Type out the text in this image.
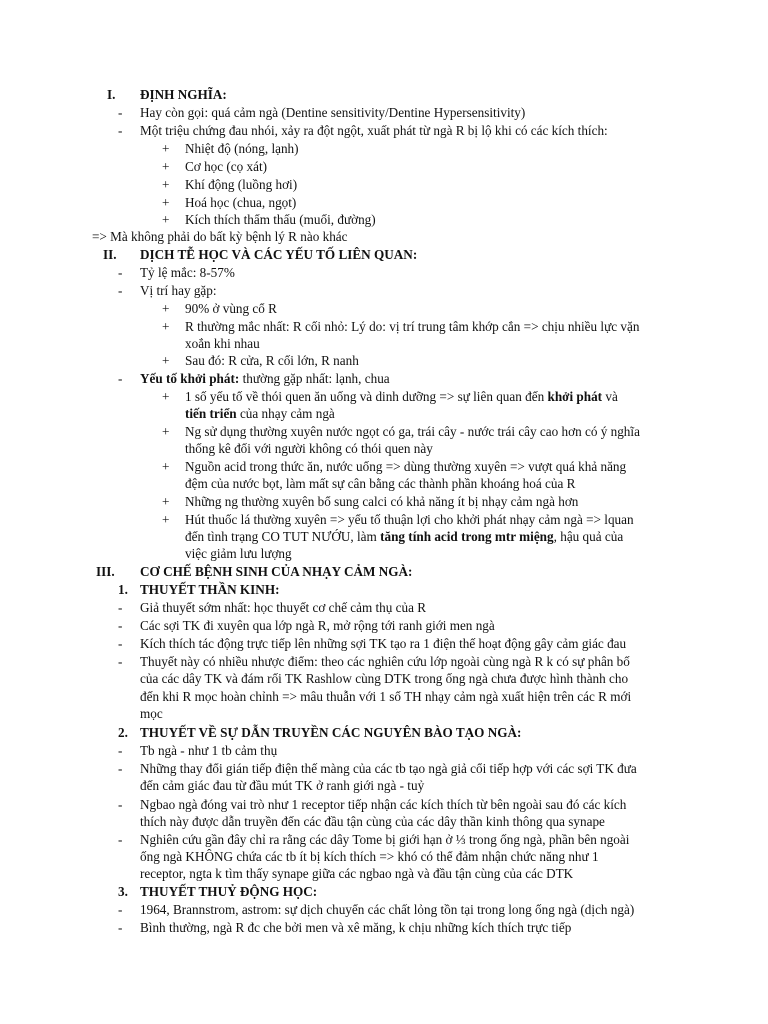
I. ĐỊNH NGHĨA:
- Hay còn gọi: quá cảm ngà (Dentine sensitivity/Dentine Hypersensitivity)
- Một triệu chứng đau nhói, xảy ra đột ngột, xuất phát từ ngà R bị lộ khi có các kích thích:
+ Nhiệt độ (nóng, lạnh)
+ Cơ học (cọ xát)
+ Khí động (luồng hơi)
+ Hoá học (chua, ngọt)
+ Kích thích thẩm thấu (muối, đường)
=> Mà không phải do bất kỳ bệnh lý R nào khác
II. DỊCH TỄ HỌC VÀ CÁC YẾU TỐ LIÊN QUAN:
- Tỷ lệ mắc: 8-57%
- Vị trí hay gặp:
+ 90% ở vùng cổ R
+ R thường mắc nhất: R cối nhỏ: Lý do: vị trí trung tâm khớp cắn => chịu nhiều lực vặn
xoắn khi nhau
+ Sau đó: R cửa, R cối lớn, R nanh
- Yếu tố khởi phát: thường gặp nhất: lạnh, chua
+ 1 số yếu tố về thói quen ăn uống và dinh dưỡng => sự liên quan đến khởi phát và
tiến triển của nhạy cảm ngà
+ Ng sử dụng thường xuyên nước ngọt có ga, trái cây - nước trái cây cao hơn có ý nghĩa
thống kê đối với người không có thói quen này
+ Nguồn acid trong thức ăn, nước uống => dùng thường xuyên => vượt quá khả năng
đệm của nước bọt, làm mất sự cân bằng các thành phần khoáng hoá của R
+ Những ng thường xuyên bổ sung calci có khả năng ít bị nhạy cảm ngà hơn
+ Hút thuốc lá thường xuyên => yếu tố thuận lợi cho khởi phát nhạy cảm ngà => lquan
đến tình trạng CO TUT NƯỚU, làm tăng tính acid trong mtr miệng, hậu quả của
việc giảm lưu lượng
III. CƠ CHẾ BỆNH SINH CỦA NHẠY CẢM NGÀ:
1. THUYẾT THẦN KINH:
- Giả thuyết sớm nhất: học thuyết cơ chế cảm thụ của R
- Các sợi TK đi xuyên qua lớp ngà R, mở rộng tới ranh giới men ngà
- Kích thích tác động trực tiếp lên những sợi TK tạo ra 1 điện thế hoạt động gây cảm giác đau
- Thuyết này có nhiều nhược điểm: theo các nghiên cứu lớp ngoài cùng ngà R k có sự phân bố
của các dây TK và đám rối TK Rashlow cùng DTK trong ống ngà chưa được hình thành cho
đến khi R mọc hoàn chỉnh => mâu thuẫn với 1 số TH nhạy cảm ngà xuất hiện trên các R mới
mọc
2. THUYẾT VỀ SỰ DẪN TRUYỀN CÁC NGUYÊN BÀO TẠO NGÀ:
- Tb ngà - như 1 tb cảm thụ
- Những thay đổi gián tiếp điện thế màng của các tb tạo ngà giả cổi tiếp hợp với các sợi TK đưa
đến cảm giác đau từ đầu mút TK ở ranh giới ngà - tuỷ
- Ngbao ngà đóng vai trò như 1 receptor tiếp nhận các kích thích từ bên ngoài sau đó các kích
thích này được dẫn truyền đến các đầu tận cùng của các dây thần kinh thông qua synape
- Nghiên cứu gần đây chỉ ra rằng các dây Tome bị giới hạn ở ⅓ trong ống ngà, phần bên ngoài
ống ngà KHÔNG chứa các tb ít bị kích thích => khó có thể đảm nhận chức năng như 1
receptor, ngta k tìm thấy synape giữa các ngbao ngà và đầu tận cùng của các DTK
3. THUYẾT THUỶ ĐỘNG HỌC:
- 1964, Brannstrom, astrom: sự dịch chuyển các chất lỏng tồn tại trong long ống ngà (dịch ngà)
- Bình thường, ngà R đc che bởi men và xê măng, k chịu những kích thích trực tiếp
